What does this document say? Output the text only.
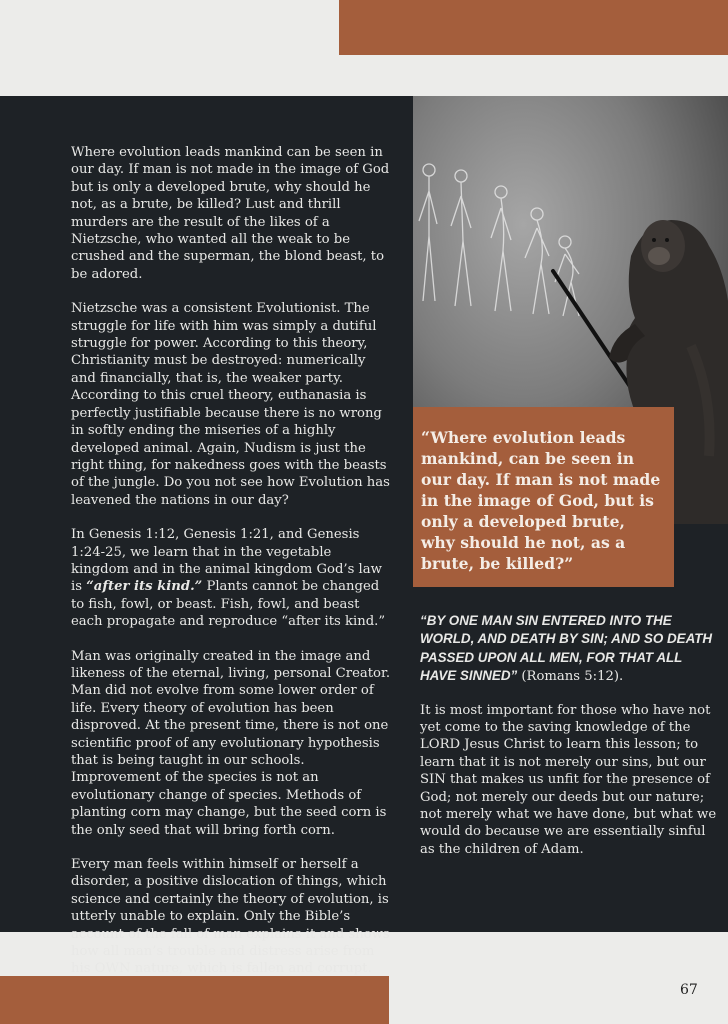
Where evolution leads mankind can be seen in our day. If man is not made in the image of God but is only a developed brute, why should he not, as a brute, be killed? Lust and thrill murders are the result of the likes of a Nietzsche, who wanted all the weak to be crushed and the superman, the blond beast, to be adored.

Nietzsche was a consistent Evolutionist. The struggle for life with him was simply a dutiful struggle for power. According to this theory, Christianity must be destroyed: numerically and financially, that is, the weaker party. According to this cruel theory, euthanasia is perfectly justifiable because there is no wrong in softly ending the miseries of a highly developed animal. Again, Nudism is just the right thing, for nakedness goes with the beasts of the jungle. Do you not see how Evolution has leavened the nations in our day?

In Genesis 1:12, Genesis 1:21, and Genesis 1:24-25, we learn that in the vegetable kingdom and in the animal kingdom God’s law is “after its kind.” Plants cannot be changed to fish, fowl, or beast. Fish, fowl, and beast each propagate and reproduce “after its kind.”

Man was originally created in the image and likeness of the eternal, living, personal Creator. Man did not evolve from some lower order of life. Every theory of evolution has been disproved. At the present time, there is not one scientific proof of any evolutionary hypothesis that is being taught in our schools. Improvement of the species is not an evolutionary change of species. Methods of planting corn may change, but the seed corn is the only seed that will bring forth corn.

Every man feels within himself or herself a disorder, a positive dislocation of things, which science and certainly the theory of evolution, is utterly unable to explain. Only the Bible’s account of the fall of man explains it and shows how all man’s trouble and distress arise from his OWN nature, which is fallen and corrupt.

“Where evolution leads mankind, can be seen in our day. If man is not made in the image of God, but is only a developed brute, why should he not, as a brute, be killed?”

“BY ONE MAN SIN ENTERED INTO THE WORLD, AND DEATH BY SIN; AND SO DEATH PASSED UPON ALL MEN, FOR THAT ALL HAVE SINNED” (Romans 5:12).

It is most important for those who have not yet come to the saving knowledge of the LORD Jesus Christ to learn this lesson; to learn that it is not merely our sins, but our SIN that makes us unfit for the presence of God; not merely our deeds but our nature; not merely what we have done, but what we would do because we are essentially sinful as the children of Adam.

67
